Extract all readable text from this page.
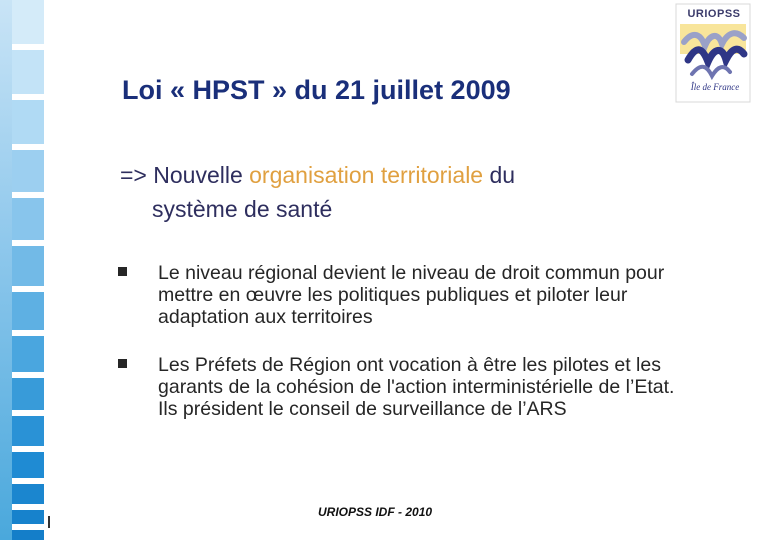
URIOPSS
Île de France
Loi « HPST » du 21 juillet 2009
=> Nouvelle organisation territoriale du
système de santé
Le niveau régional devient le niveau de droit commun pour mettre en œuvre les politiques publiques et piloter leur adaptation aux territoires
Les Préfets de Région ont vocation à être les pilotes et les garants de la cohésion de l'action interministérielle de l’Etat. Ils président le conseil de surveillance de l’ARS
URIOPSS IDF - 2010
